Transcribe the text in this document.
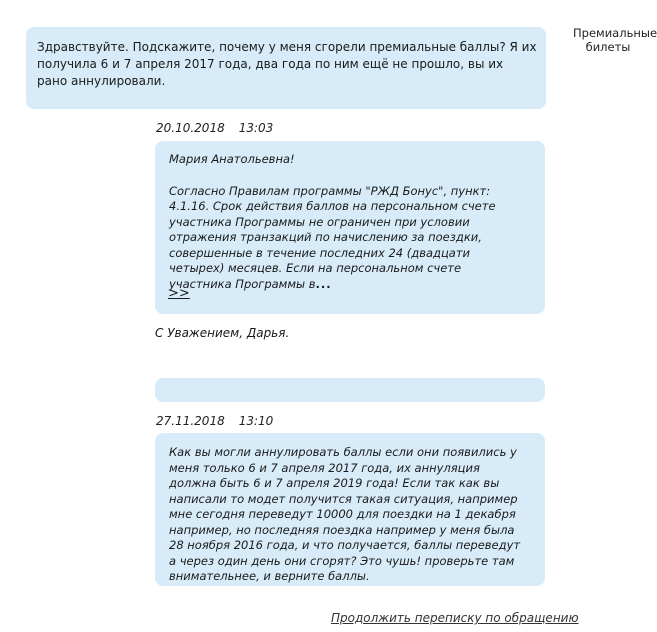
Премиальные
билеты
Здравствуйте. Подскажите, почему у меня сгорели премиальные баллы? Я их получила 6 и 7 апреля 2017 года, два года по ним ещё не прошло, вы их рано аннулировали.
20.10.2018 13:03
Мария Анатольевна!
Согласно Правилам программы "РЖД Бонус", пункт: 4.1.16. Срок действия баллов на персональном счете участника Программы не ограничен при условии отражения транзакций по начислению за поездки, совершенные в течение последних 24 (двадцати четырех) месяцев. Если на персональном счете участника Программы в...
>>
С Уважением, Дарья.
27.11.2018 13:10
Как вы могли аннулировать баллы если они появились у меня только 6 и 7 апреля 2017 года, их аннуляция должна быть 6 и 7 апреля 2019 года! Если так как вы написали то модет получится такая ситуация, например мне сегодня переведут 10000 для поездки на 1 декабря например, но последняя поездка например у меня была 28 ноября 2016 года, и что получается, баллы переведут а через один день они сгорят? Это чушь! проверьте там внимательнее, и верните баллы.
Продолжить переписку по обращению
